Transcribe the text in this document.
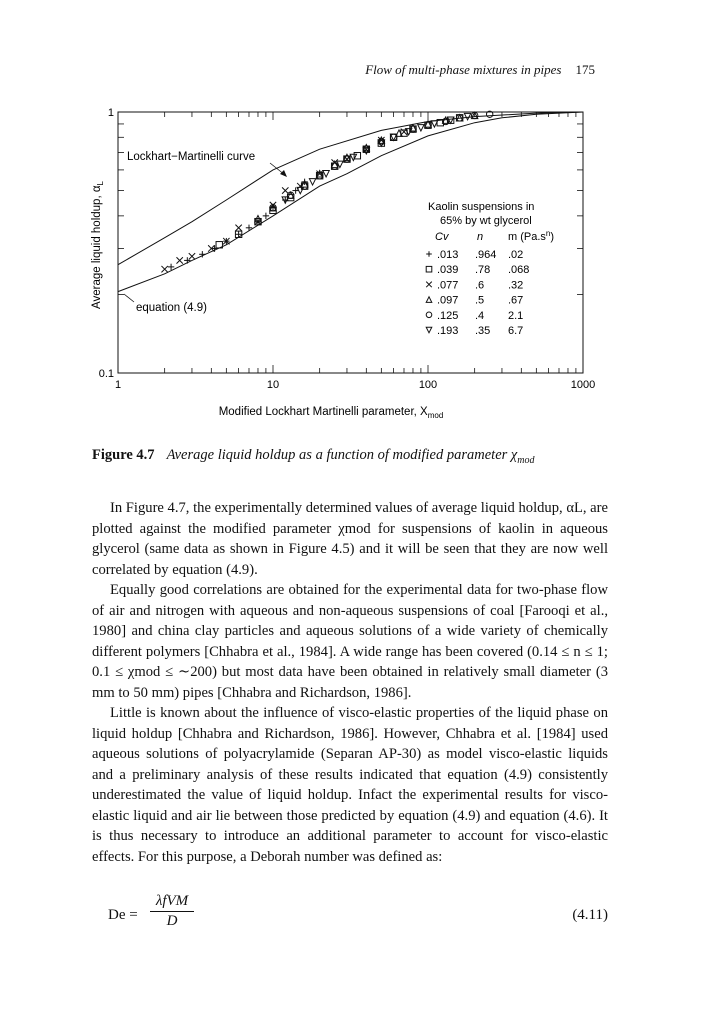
Flow of multi-phase mixtures in pipes 175
1	10	100	1000
0.1
1
Average liquid holdup, $\alpha_L$
Modified Lockhart Martinelli parameter, $X_{mod}$
Lockhart−Martinelli curve
equation (4.9)
Kaolin suspensions in
65% by wt glycerol
Cv	n m $(Pa.s^n)$
.013 .964 .02
.039 .78 .068
.077 .6 .32
.097 .5 .67
.125 .4 2.1
.193 .35 6.7
Figure 4.7 Average liquid holdup as a function of modified parameter $\chi_{mod}$

In Figure 4.7, the experimentally determined values of average liquid holdup, αL, are plotted against the modified parameter χmod for suspensions of kaolin in aqueous glycerol (same data as shown in Figure 4.5) and it will be seen that they are now well correlated by equation (4.9).

Equally good correlations are obtained for the experimental data for two-phase flow of air and nitrogen with aqueous and non-aqueous suspensions of coal [Farooqi et al., 1980] and china clay particles and aqueous solutions of a wide variety of chemically different polymers [Chhabra et al., 1984]. A wide range has been covered (0.14 ≤ n ≤ 1; 0.1 ≤ χmod ≤ ∼200) but most data have been obtained in relatively small diameter (3 mm to 50 mm) pipes [Chhabra and Richardson, 1986].

Little is known about the influence of visco-elastic properties of the liquid phase on liquid holdup [Chhabra and Richardson, 1986]. However, Chhabra et al. [1984] used aqueous solutions of polyacrylamide (Separan AP-30) as model visco-elastic liquids and a preliminary analysis of these results indicated that equation (4.9) consistently underestimated the value of liquid holdup. Infact the experimental results for visco-elastic liquid and air lie between those predicted by equation (4.9) and equation (4.6). It is thus necessary to introduce an additional parameter to account for visco-elastic effects. For this purpose, a Deborah number was defined as:

De =
λfVM
D	(4.11)
